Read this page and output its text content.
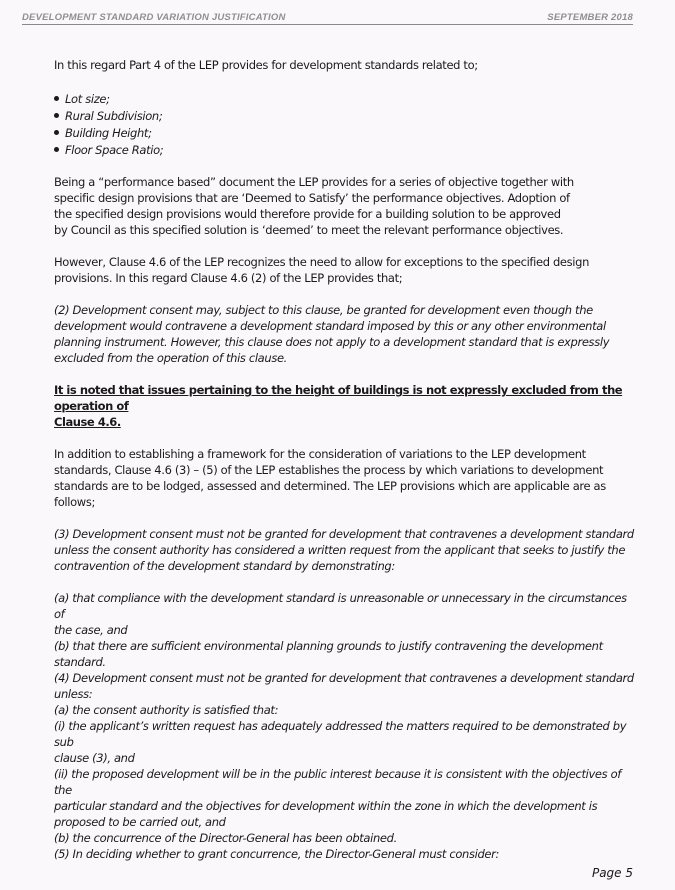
DEVELOPMENT STANDARD VARIATION JUSTIFICATION	SEPTEMBER 2018

In this regard Part 4 of the LEP provides for development standards related to;

Lot size;
Rural Subdivision;
Building Height;
Floor Space Ratio;

Being a “performance based” document the LEP provides for a series of objective together with

specific design provisions that are ‘Deemed to Satisfy’ the performance objectives. Adoption of

the specified design provisions would therefore provide for a building solution to be approved

by Council as this specified solution is ‘deemed’ to meet the relevant performance objectives.

However, Clause 4.6 of the LEP recognizes the need to allow for exceptions to the specified design

provisions. In this regard Clause 4.6 (2) of the LEP provides that;

(2) Development consent may, subject to this clause, be granted for development even though the

development would contravene a development standard imposed by this or any other environmental

planning instrument. However, this clause does not apply to a development standard that is expressly

excluded from the operation of this clause.

It is noted that issues pertaining to the height of buildings is not expressly excluded from the operation of

Clause 4.6.

In addition to establishing a framework for the consideration of variations to the LEP development

standards, Clause 4.6 (3) – (5) of the LEP establishes the process by which variations to development

standards are to be lodged, assessed and determined. The LEP provisions which are applicable are as

follows;

(3) Development consent must not be granted for development that contravenes a development standard

unless the consent authority has considered a written request from the applicant that seeks to justify the

contravention of the development standard by demonstrating:

(a) that compliance with the development standard is unreasonable or unnecessary in the circumstances of

the case, and

(b) that there are sufficient environmental planning grounds to justify contravening the development

standard.

(4) Development consent must not be granted for development that contravenes a development standard

unless:

(a) the consent authority is satisfied that:

(i) the applicant’s written request has adequately addressed the matters required to be demonstrated by sub

clause (3), and

(ii) the proposed development will be in the public interest because it is consistent with the objectives of the

particular standard and the objectives for development within the zone in which the development is

proposed to be carried out, and

(b) the concurrence of the Director-General has been obtained.

(5) In deciding whether to grant concurrence, the Director-General must consider:

Page 5
